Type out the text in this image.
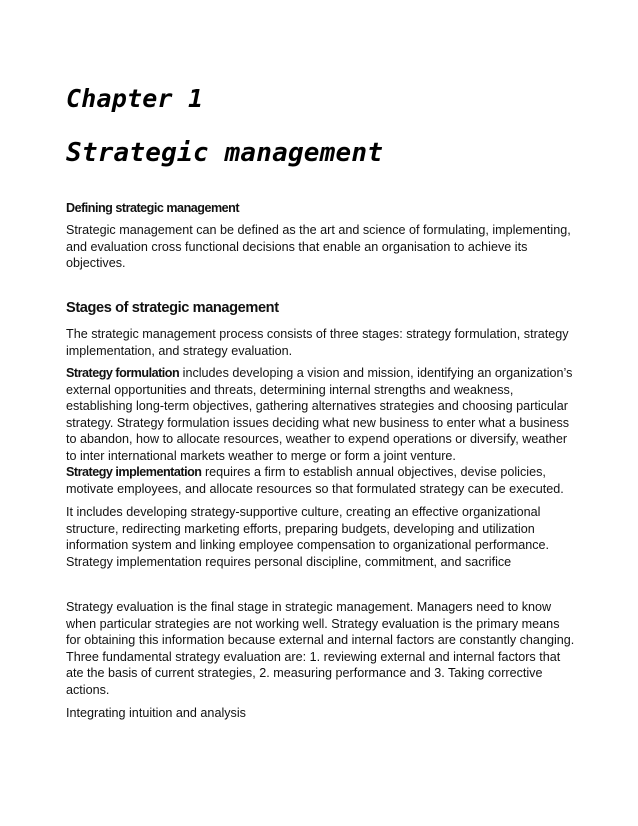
Chapter 1
Strategic management
Defining strategic management

Strategic management can be defined as the art and science of formulating, implementing, and evaluation cross functional decisions that enable an organisation to achieve its objectives.

Stages of strategic management

The strategic management process consists of three stages: strategy formulation, strategy implementation, and strategy evaluation.

Strategy formulation includes developing a vision and mission, identifying an organization’s external opportunities and threats, determining internal strengths and weakness, establishing long-term objectives, gathering alternatives strategies and choosing particular strategy. Strategy formulation issues deciding what new business to enter what a business to abandon, how to allocate resources, weather to expend operations or diversify, weather to inter international markets weather to merge or form a joint venture.

Strategy implementation requires a firm to establish annual objectives, devise policies, motivate employees, and allocate resources so that formulated strategy can be executed.

It includes developing strategy-supportive culture, creating an effective organizational structure, redirecting marketing efforts, preparing budgets, developing and utilization information system and linking employee compensation to organizational performance. Strategy implementation requires personal discipline, commitment, and sacrifice

Strategy evaluation is the final stage in strategic management. Managers need to know when particular strategies are not working well. Strategy evaluation is the primary means for obtaining this information because external and internal factors are constantly changing. Three fundamental strategy evaluation are: 1. reviewing external and internal factors that ate the basis of current strategies, 2. measuring performance and 3. Taking corrective actions.

Integrating intuition and analysis
